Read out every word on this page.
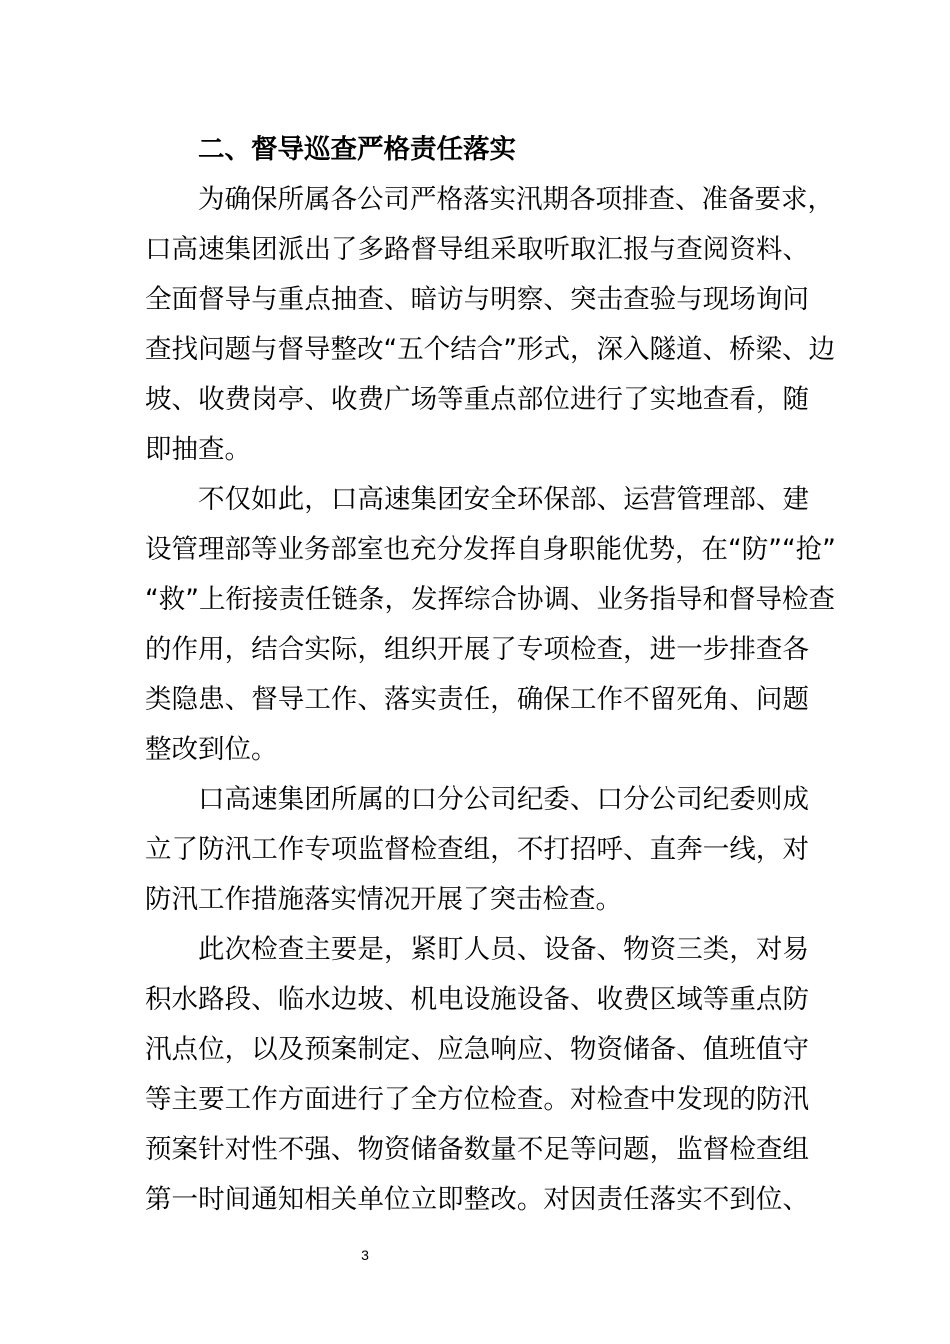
二、督导巡查严格责任落实
为确保所属各公司严格落实汛期各项排查、准备要求，
口高速集团派出了多路督导组采取听取汇报与查阅资料、
全面督导与重点抽查、暗访与明察、突击查验与现场询问
查找问题与督导整改“五个结合”形式，深入隧道、桥梁、边
坡、收费岗亭、收费广场等重点部位进行了实地查看，随
即抽查。
不仅如此，口高速集团安全环保部、运营管理部、建
设管理部等业务部室也充分发挥自身职能优势，在“防”“抢”
“救”上衔接责任链条，发挥综合协调、业务指导和督导检查
的作用，结合实际，组织开展了专项检查，进一步排查各
类隐患、督导工作、落实责任，确保工作不留死角、问题
整改到位。
口高速集团所属的口分公司纪委、口分公司纪委则成
立了防汛工作专项监督检查组，不打招呼、直奔一线，对
防汛工作措施落实情况开展了突击检查。
此次检查主要是，紧盯人员、设备、物资三类，对易
积水路段、临水边坡、机电设施设备、收费区域等重点防
汛点位，以及预案制定、应急响应、物资储备、值班值守
等主要工作方面进行了全方位检查。对检查中发现的防汛
预案针对性不强、物资储备数量不足等问题，监督检查组
第一时间通知相关单位立即整改。对因责任落实不到位、
3
